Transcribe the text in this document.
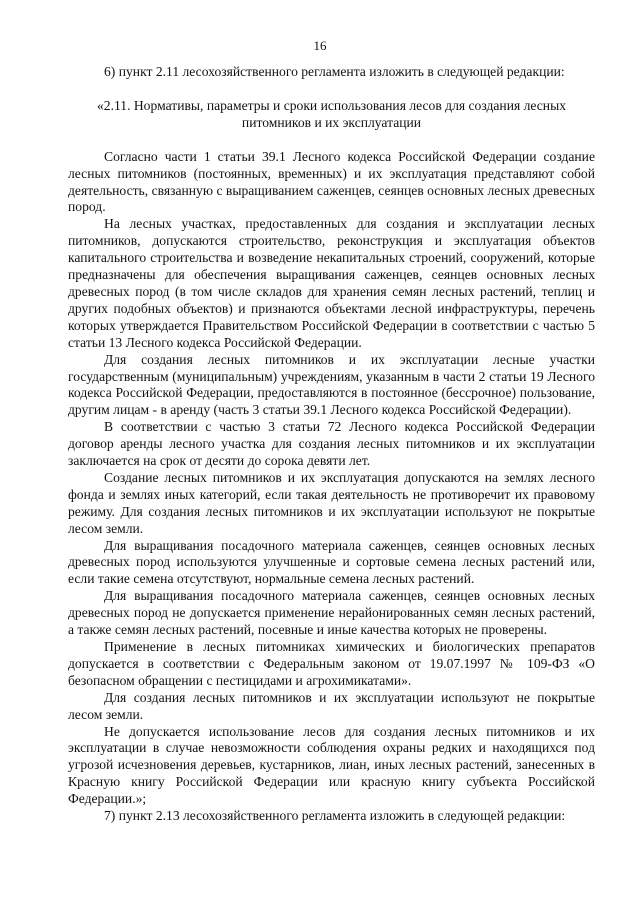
16

6) пункт 2.11 лесохозяйственного регламента изложить в следующей редакции:

«2.11. Нормативы, параметры и сроки использования лесов для создания лесных питомников и их эксплуатации

Согласно части 1 статьи 39.1 Лесного кодекса Российской Федерации создание лесных питомников (постоянных, временных) и их эксплуатация представляют собой деятельность, связанную с выращиванием саженцев, сеянцев основных лесных древесных пород.

На лесных участках, предоставленных для создания и эксплуатации лесных питомников, допускаются строительство, реконструкция и эксплуатация объектов капитального строительства и возведение некапитальных строений, сооружений, которые предназначены для обеспечения выращивания саженцев, сеянцев основных лесных древесных пород (в том числе складов для хранения семян лесных растений, теплиц и других подобных объектов) и признаются объектами лесной инфраструктуры, перечень которых утверждается Правительством Российской Федерации в соответствии с частью 5 статьи 13 Лесного кодекса Российской Федерации.

Для создания лесных питомников и их эксплуатации лесные участки государственным (муниципальным) учреждениям, указанным в части 2 статьи 19 Лесного кодекса Российской Федерации, предоставляются в постоянное (бессрочное) пользование, другим лицам - в аренду (часть 3 статьи 39.1 Лесного кодекса Российской Федерации).

В соответствии с частью 3 статьи 72 Лесного кодекса Российской Федерации договор аренды лесного участка для создания лесных питомников и их эксплуатации заключается на срок от десяти до сорока девяти лет.

Создание лесных питомников и их эксплуатация допускаются на землях лесного фонда и землях иных категорий, если такая деятельность не противоречит их правовому режиму. Для создания лесных питомников и их эксплуатации используют не покрытые лесом земли.

Для выращивания посадочного материала саженцев, сеянцев основных лесных древесных пород используются улучшенные и сортовые семена лесных растений или, если такие семена отсутствуют, нормальные семена лесных растений.

Для выращивания посадочного материала саженцев, сеянцев основных лесных древесных пород не допускается применение нерайонированных семян лесных растений, а также семян лесных растений, посевные и иные качества которых не проверены.

Применение в лесных питомниках химических и биологических препаратов допускается в соответствии с Федеральным законом от 19.07.1997 № 109-ФЗ «О безопасном обращении с пестицидами и агрохимикатами».

Для создания лесных питомников и их эксплуатации используют не покрытые лесом земли.

Не допускается использование лесов для создания лесных питомников и их эксплуатации в случае невозможности соблюдения охраны редких и находящихся под угрозой исчезновения деревьев, кустарников, лиан, иных лесных растений, занесенных в Красную книгу Российской Федерации или красную книгу субъекта Российской Федерации.»;

7) пункт 2.13 лесохозяйственного регламента изложить в следующей редакции:
